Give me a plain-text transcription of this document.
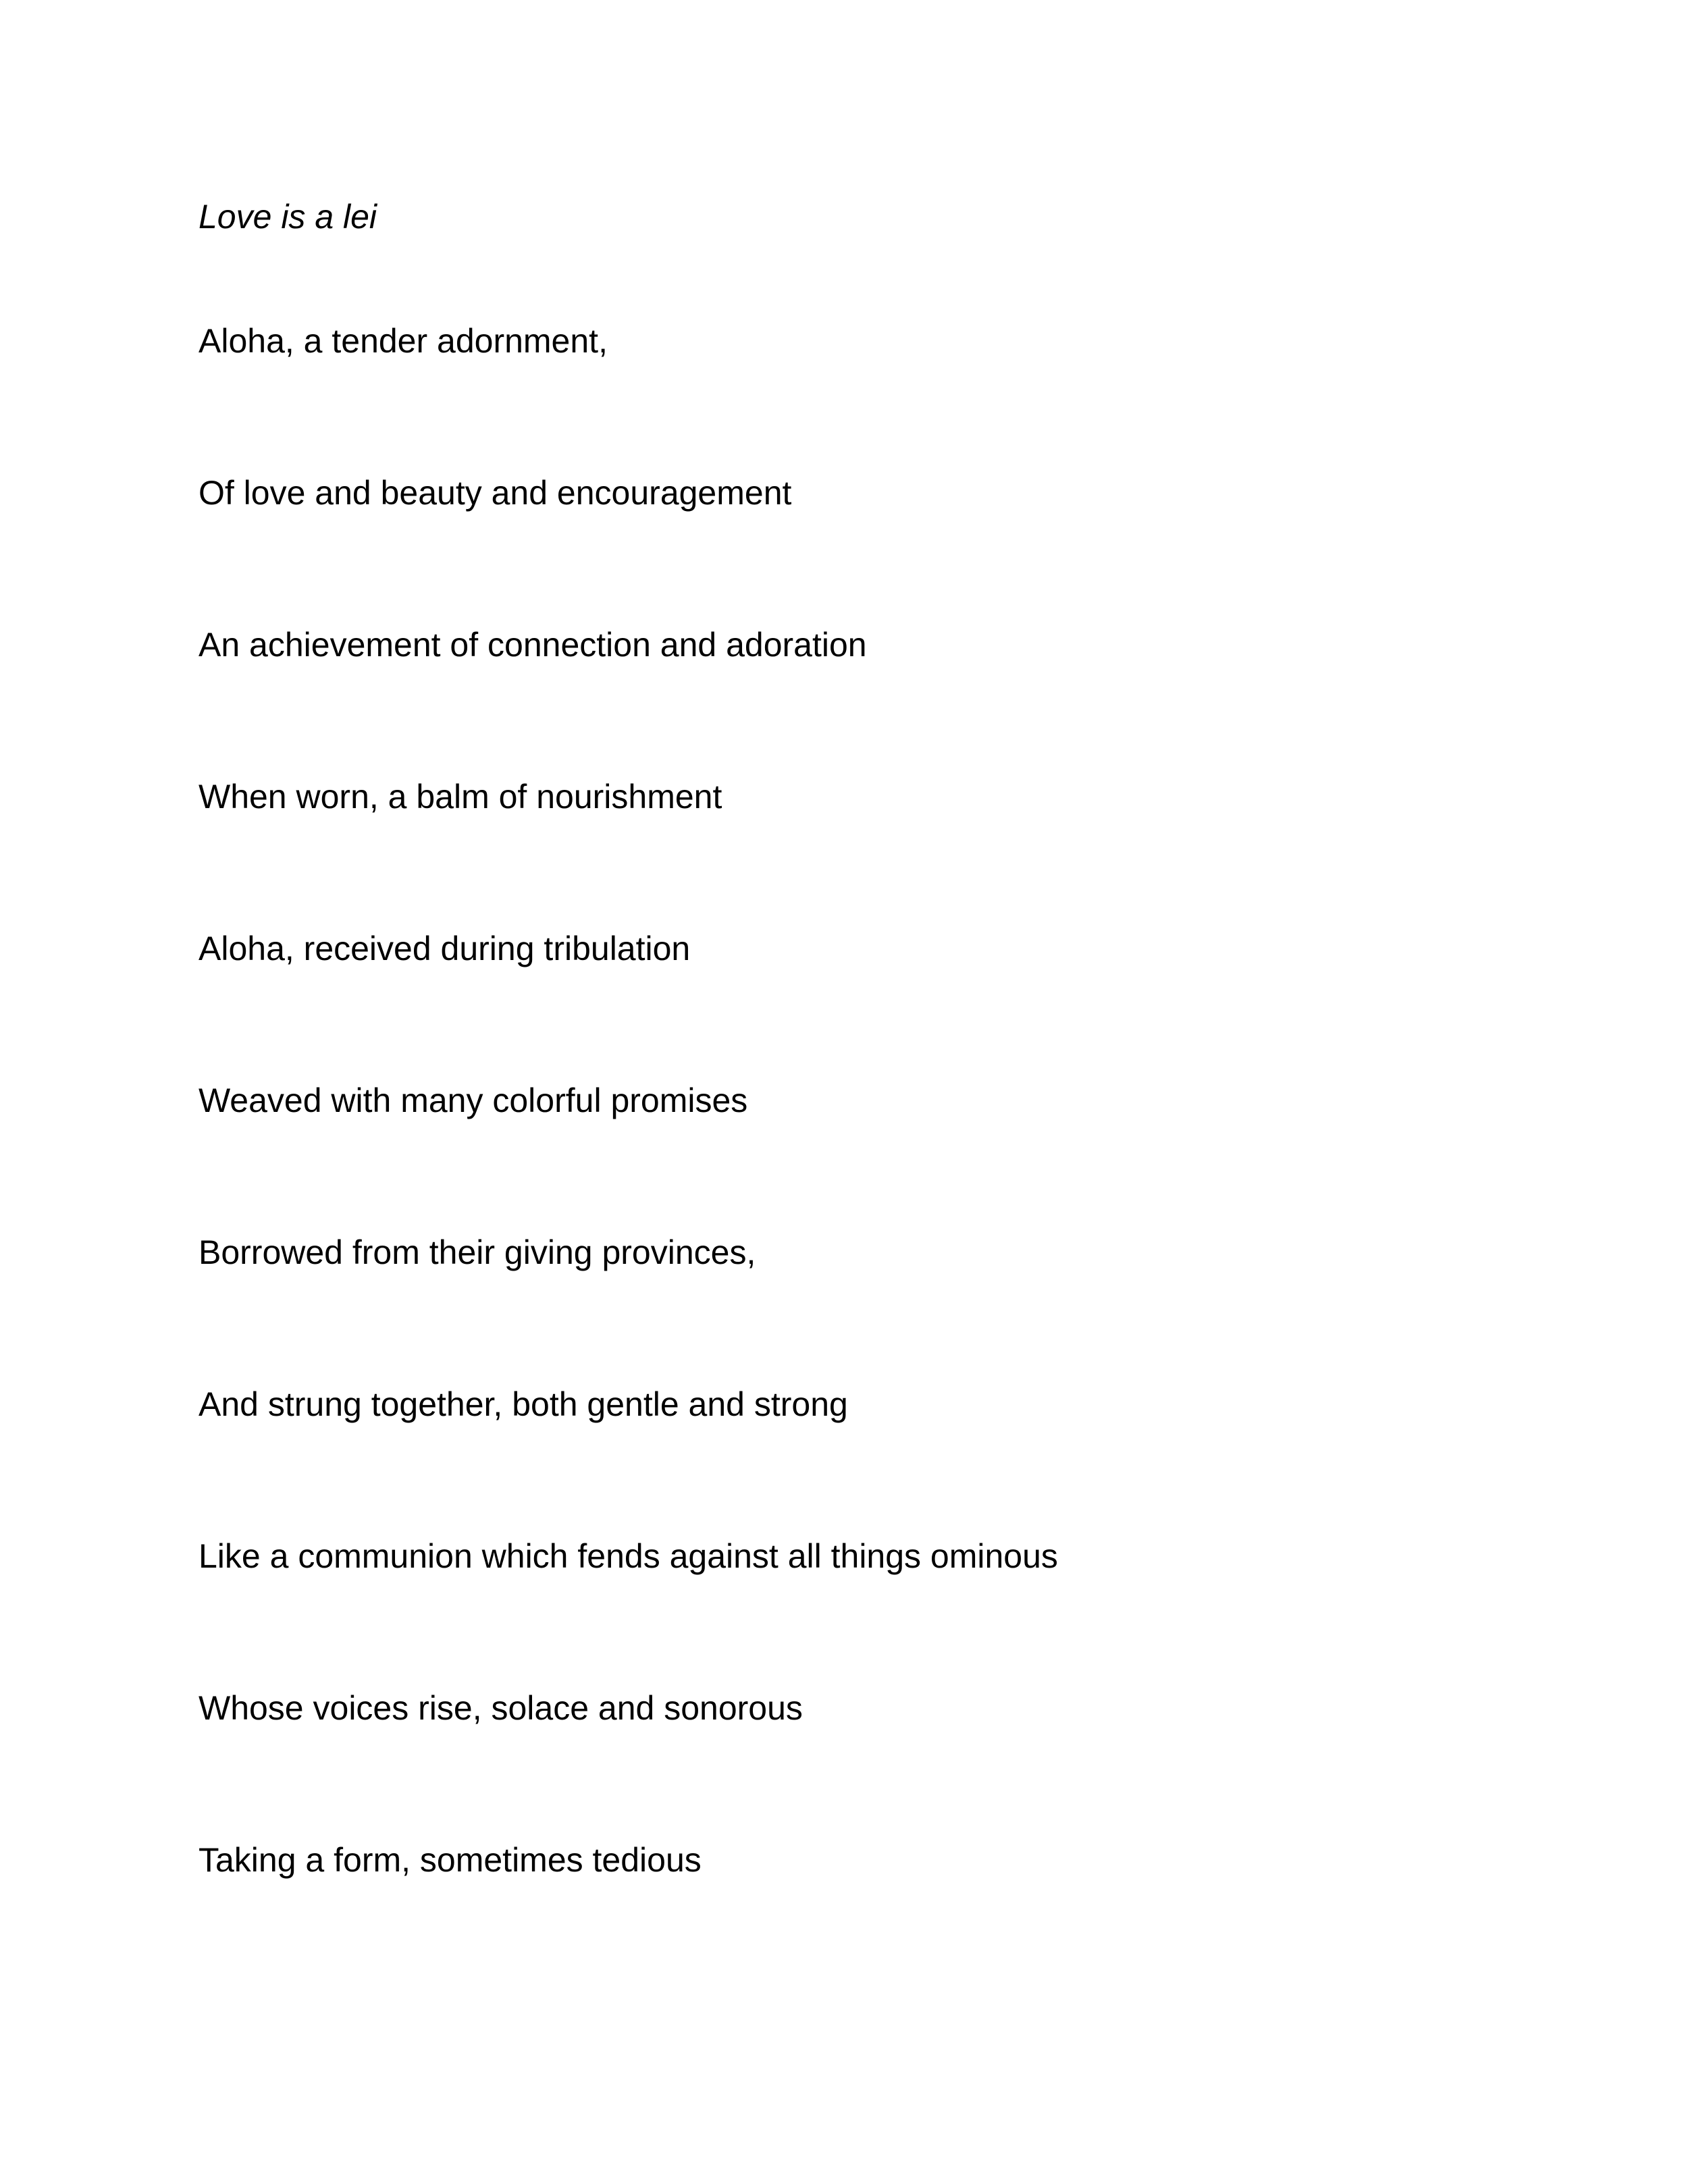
Love is a lei

Aloha, a tender adornment,

Of love and beauty and encouragement

An achievement of connection and adoration

When worn, a balm of nourishment

Aloha, received during tribulation

Weaved with many colorful promises

Borrowed from their giving provinces,

And strung together, both gentle and strong

Like a communion which fends against all things ominous

Whose voices rise, solace and sonorous

Taking a form, sometimes tedious
